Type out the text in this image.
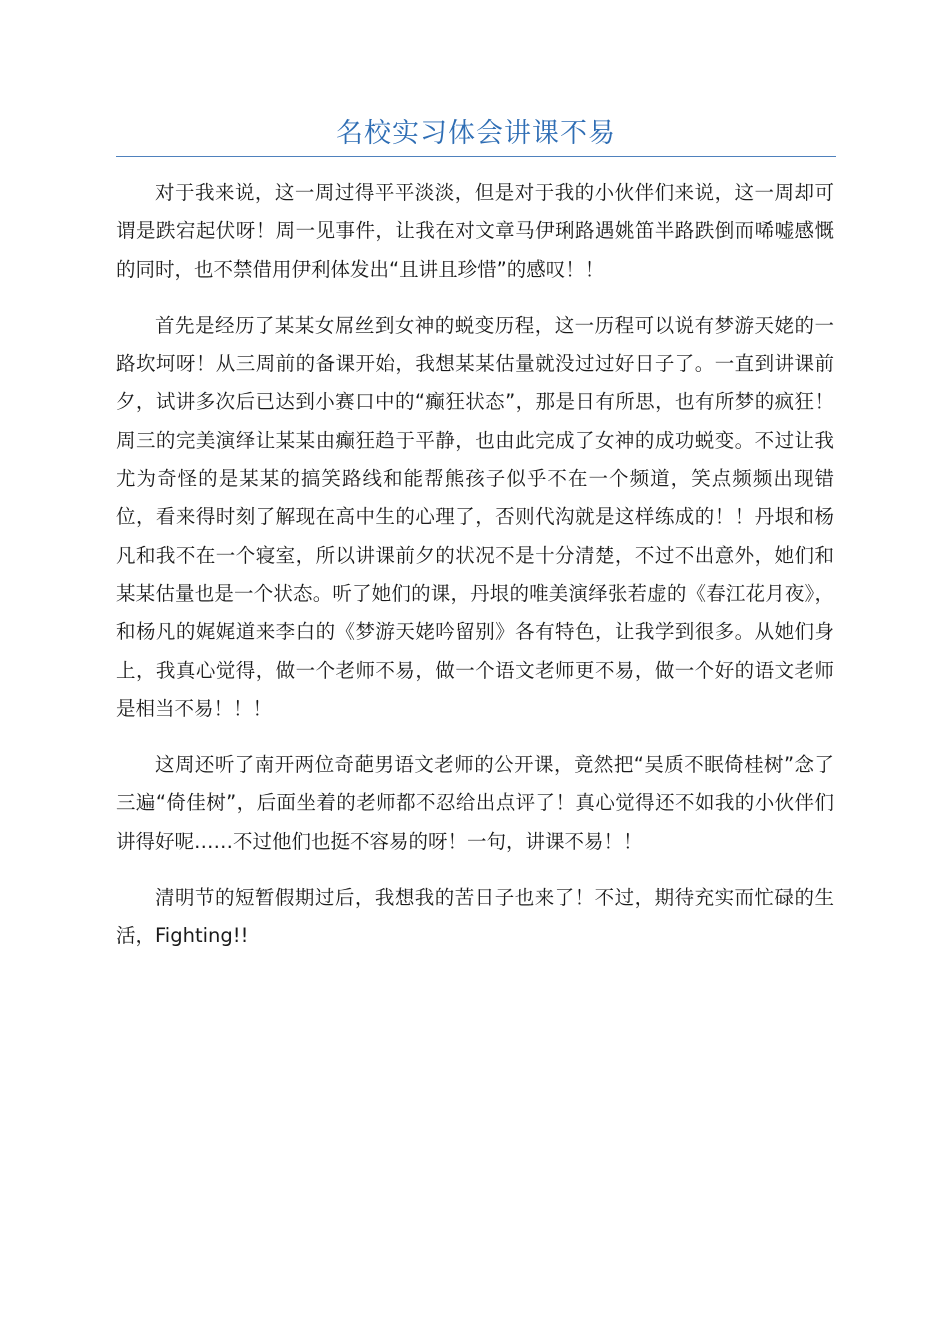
名校实习体会讲课不易

对于我来说，这一周过得平平淡淡，但是对于我的小伙伴们来说，这一周却可谓是跌宕起伏呀！周一见事件，让我在对文章马伊琍路遇姚笛半路跌倒而唏嘘感慨的同时，也不禁借用伊利体发出“且讲且珍惜”的感叹！！

首先是经历了某某女屌丝到女神的蜕变历程，这一历程可以说有梦游天姥的一路坎坷呀！从三周前的备课开始，我想某某估量就没过过好日子了。一直到讲课前夕，试讲多次后已达到小赛口中的“癫狂状态”，那是日有所思，也有所梦的疯狂！周三的完美演绎让某某由癫狂趋于平静，也由此完成了女神的成功蜕变。不过让我尤为奇怪的是某某的搞笑路线和能帮熊孩子似乎不在一个频道，笑点频频出现错位，看来得时刻了解现在高中生的心理了，否则代沟就是这样练成的！！丹垠和杨凡和我不在一个寝室，所以讲课前夕的状况不是十分清楚，不过不出意外，她们和某某估量也是一个状态。听了她们的课，丹垠的唯美演绎张若虚的《春江花月夜》，和杨凡的娓娓道来李白的《梦游天姥吟留别》各有特色，让我学到很多。从她们身上，我真心觉得，做一个老师不易，做一个语文老师更不易，做一个好的语文老师是相当不易！！！

这周还听了南开两位奇葩男语文老师的公开课，竟然把“吴质不眠倚桂树”念了三遍“倚佳树”，后面坐着的老师都不忍给出点评了！真心觉得还不如我的小伙伴们讲得好呢……不过他们也挺不容易的呀！一句，讲课不易！！

清明节的短暂假期过后，我想我的苦日子也来了！不过，期待充实而忙碌的生活，Fighting!!
